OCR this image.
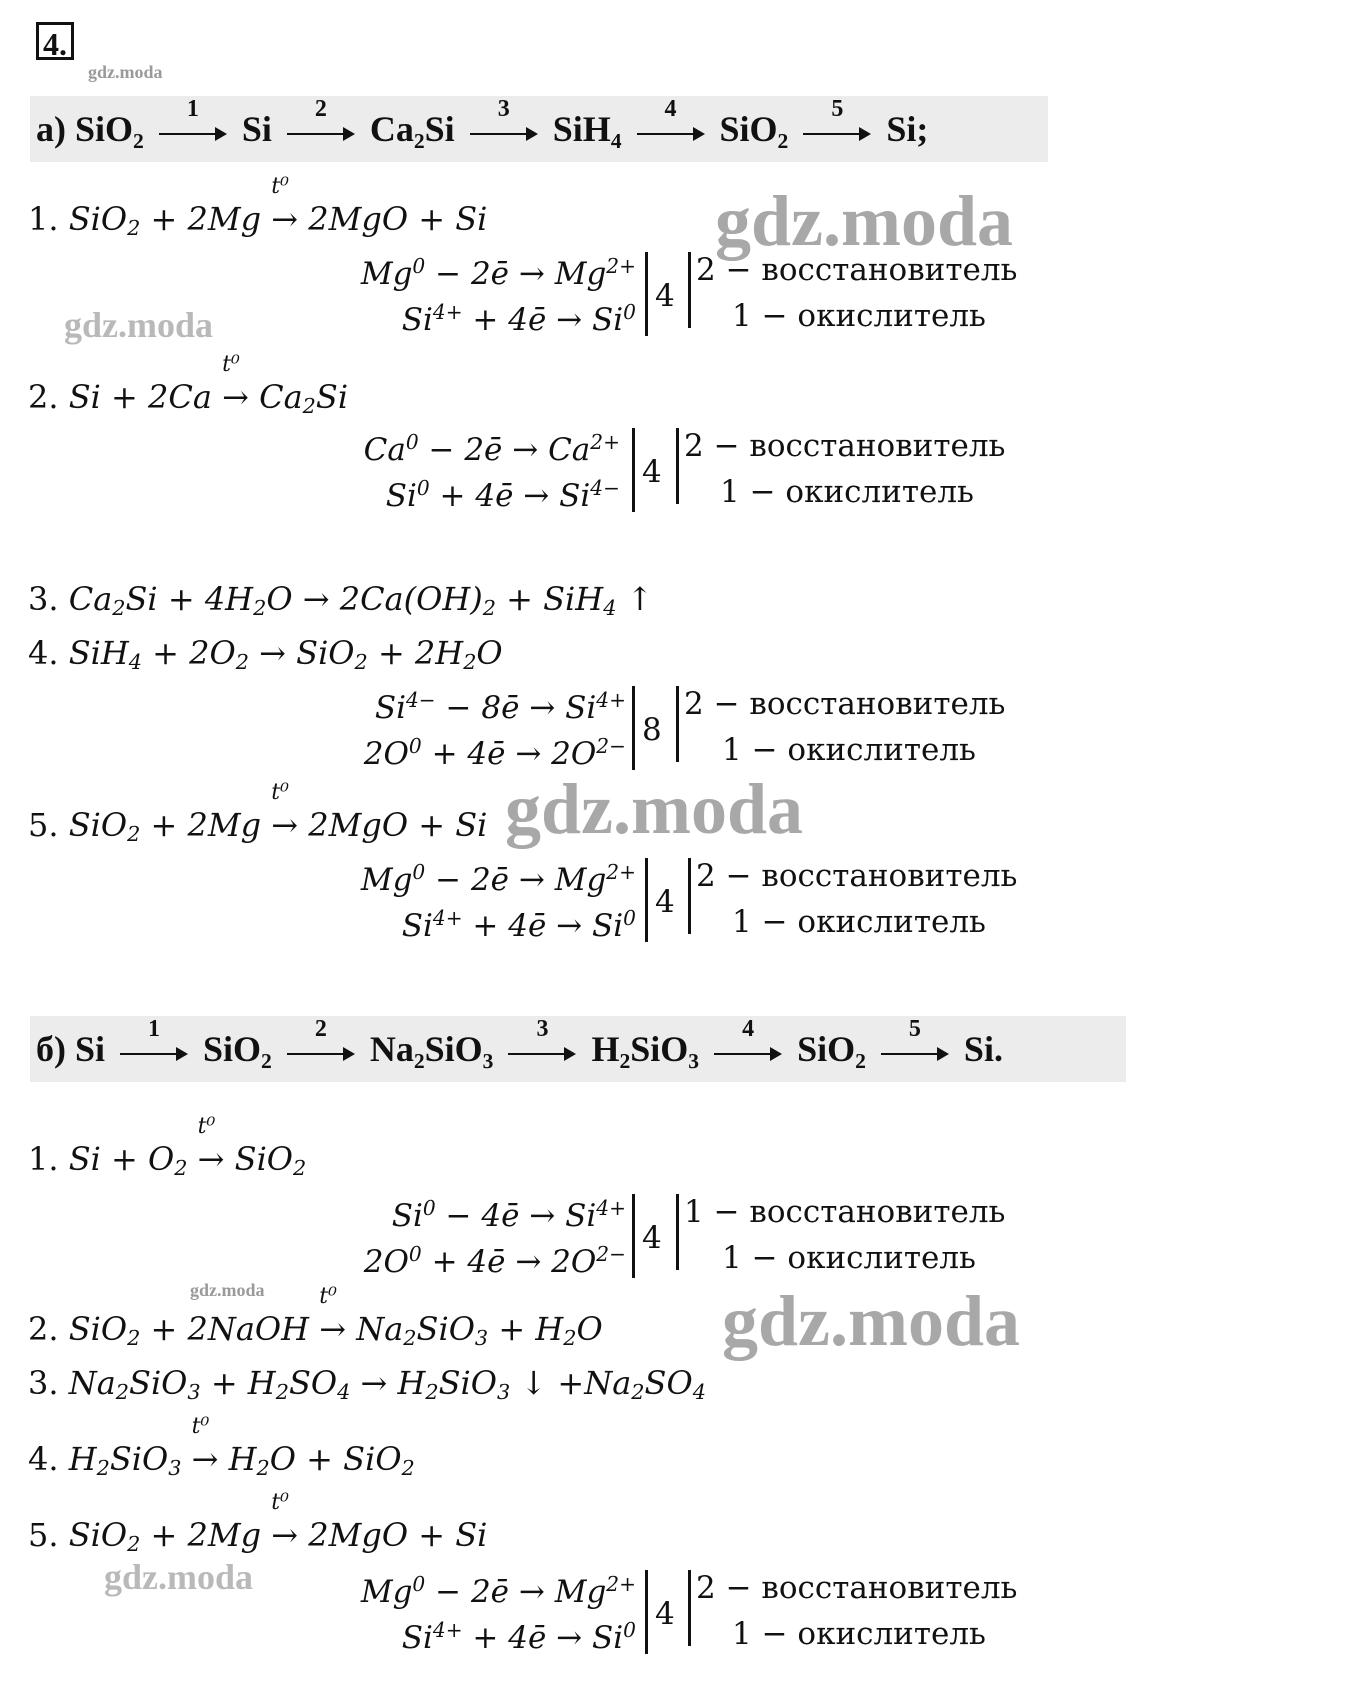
4.
gdz.moda
а) SiO₂
1
Si
2
Ca₂Si
3
SiH₄
4
SiO₂
5
Si;
1. SiO$_2$ + 2Mg
t⁰
→ 2MgO + Si	gdz.moda
$Mg^0$ − 2ē → $Mg^{2+}$
$Si^{4+}$ + 4ē → $Si^0$ 4
2 − восстановитель
1 − окислитель
gdz.moda
2. Si + 2Ca
t⁰
→ $Ca_2Si$
$Ca^0$ − 2ē → $Ca^{2+}$
$Si^0$ + 4ē → $Si^{4-}$ 4
2 − восстановитель
1 − окислитель
3. $Ca_2Si + 4H_2O \to 2Ca(OH)_2 + SiH_4$ ↑
4. $SiH_4 + 2O_2 \to SiO_2 + 2H_2O$
$Si^{4-}$ − 8ē → $Si^{4+}$
$2O^0$ + 4ē → $2O^{2-}$ 8
2 − восстановитель
1 − окислитель
5. SiO$_2$ + 2Mg
t⁰
→ 2MgO + Si gdz.moda
$Mg^0$ − 2ē → $Mg^{2+}$
$Si^{4+}$ + 4ē → $Si^0$ 4
2 − восстановитель
1 − окислитель
б) Si
1
SiO₂
2
Na₂SiO₃
3
H₂SiO₃
4
SiO₂
5
Si.
1. $Si + O_2$
t⁰
→ SiO$_2$
$Si^0$ − 4ē → $Si^{4+}$
$2O^0$ + 4ē → $2O^{2-}$ 4
1 − восстановитель
1 − окислитель
gdz.moda
2. SiO$_2$ + 2NaOH
t⁰
→ $Na_2SiO_3 + H_2O$ gdz.moda
3. $Na_2SiO_3 + H_2SO_4 \to H_2SiO_3$ ↓ $+Na_2SO_4$
4. $H_2SiO_3$
t⁰
→ $H_2O + SiO_2$
5. SiO$_2$ + 2Mg
t⁰
→ 2MgO + Si
gdz.moda	$Mg^0$ − 2ē → $Mg^{2+}$
$Si^{4+}$ + 4ē → $Si^0$ 4
2 − восстановитель
1 − окислитель
